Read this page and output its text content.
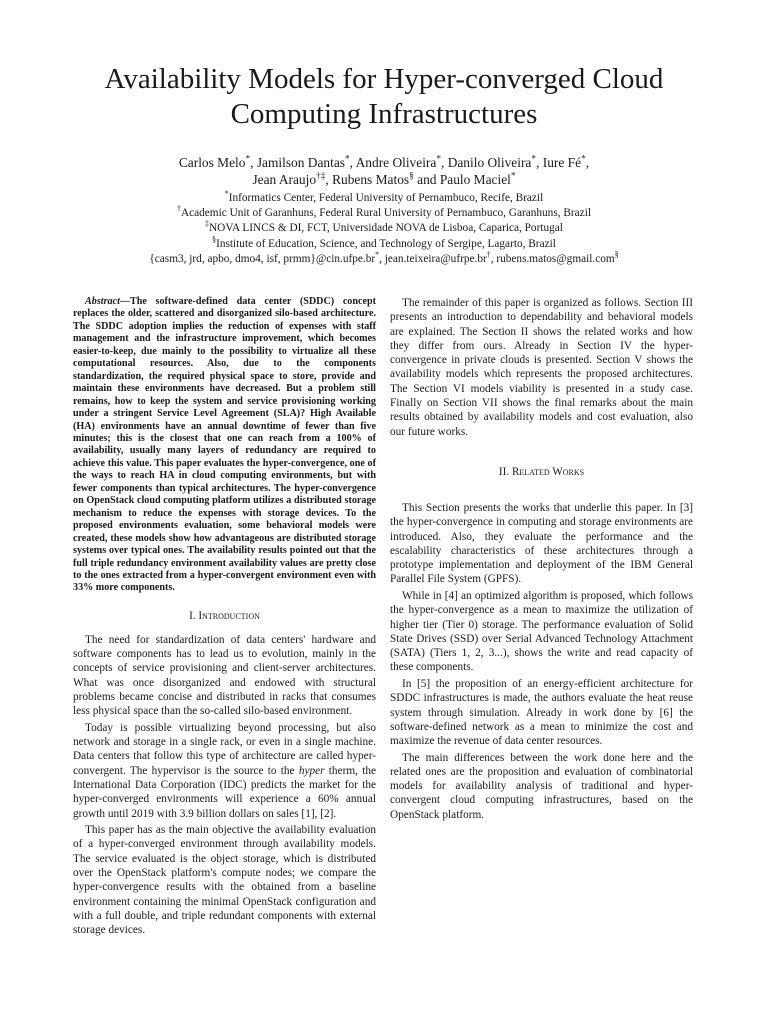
Availability Models for Hyper-converged Cloud Computing Infrastructures
Carlos Melo*, Jamilson Dantas*, Andre Oliveira*, Danilo Oliveira*, Iure Fé*,
Jean Araujo†‡, Rubens Matos§ and Paulo Maciel*

*Informatics Center, Federal University of Pernambuco, Recife, Brazil

†Academic Unit of Garanhuns, Federal Rural University of Pernambuco, Garanhuns, Brazil

‡NOVA LINCS & DI, FCT, Universidade NOVA de Lisboa, Caparica, Portugal

§Institute of Education, Science, and Technology of Sergipe, Lagarto, Brazil

{casm3, jrd, apbo, dmo4, isf, prmm}@cin.ufpe.br*, jean.teixeira@ufrpe.br†, rubens.matos@gmail.com§

Abstract—The software-defined data center (SDDC) concept replaces the older, scattered and disorganized silo-based architecture. The SDDC adoption implies the reduction of expenses with staff management and the infrastructure improvement, which becomes easier-to-keep, due mainly to the possibility to virtualize all these computational resources. Also, due to the components standardization, the required physical space to store, provide and maintain these environments have decreased. But a problem still remains, how to keep the system and service provisioning working under a stringent Service Level Agreement (SLA)? High Available (HA) environments have an annual downtime of fewer than five minutes; this is the closest that one can reach from a 100% of availability, usually many layers of redundancy are required to achieve this value. This paper evaluates the hyper-convergence, one of the ways to reach HA in cloud computing environments, but with fewer components than typical architectures. The hyper-convergence on OpenStack cloud computing platform utilizes a distributed storage mechanism to reduce the expenses with storage devices. To the proposed environments evaluation, some behavioral models were created, these models show how advantageous are distributed storage systems over typical ones. The availability results pointed out that the full triple redundancy environment availability values are pretty close to the ones extracted from a hyper-convergent environment even with 33% more components.

I. Introduction

The need for standardization of data centers' hardware and software components has to lead us to evolution, mainly in the concepts of service provisioning and client-server architectures. What was once disorganized and endowed with structural problems became concise and distributed in racks that consumes less physical space than the so-called silo-based environment.

Today is possible virtualizing beyond processing, but also network and storage in a single rack, or even in a single machine. Data centers that follow this type of architecture are called hyper-convergent. The hypervisor is the source to the hyper therm, the International Data Corporation (IDC) predicts the market for the hyper-converged environments will experience a 60% annual growth until 2019 with 3.9 billion dollars on sales [1], [2].

This paper has as the main objective the availability evaluation of a hyper-converged environment through availability models. The service evaluated is the object storage, which is distributed over the OpenStack platform's compute nodes; we compare the hyper-convergence results with the obtained from a baseline environment containing the minimal OpenStack configuration and with a full double, and triple redundant components with external storage devices.

The remainder of this paper is organized as follows. Section III presents an introduction to dependability and behavioral models are explained. The Section II shows the related works and how they differ from ours. Already in Section IV the hyper-convergence in private clouds is presented. Section V shows the availability models which represents the proposed architectures. The Section VI models viability is presented in a study case. Finally on Section VII shows the final remarks about the main results obtained by availability models and cost evaluation, also our future works.

II. Related Works

This Section presents the works that underlie this paper. In [3] the hyper-convergence in computing and storage environments are introduced. Also, they evaluate the performance and the escalability characteristics of these architectures through a prototype implementation and deployment of the IBM General Parallel File System (GPFS).

While in [4] an optimized algorithm is proposed, which follows the hyper-convergence as a mean to maximize the utilization of higher tier (Tier 0) storage. The performance evaluation of Solid State Drives (SSD) over Serial Advanced Technology Attachment (SATA) (Tiers 1, 2, 3...), shows the write and read capacity of these components.

In [5] the proposition of an energy-efficient architecture for SDDC infrastructures is made, the authors evaluate the heat reuse system through simulation. Already in work done by [6] the software-defined network as a mean to minimize the cost and maximize the revenue of data center resources.

The main differences between the work done here and the related ones are the proposition and evaluation of combinatorial models for availability analysis of traditional and hyper-convergent cloud computing infrastructures, based on the OpenStack platform.
